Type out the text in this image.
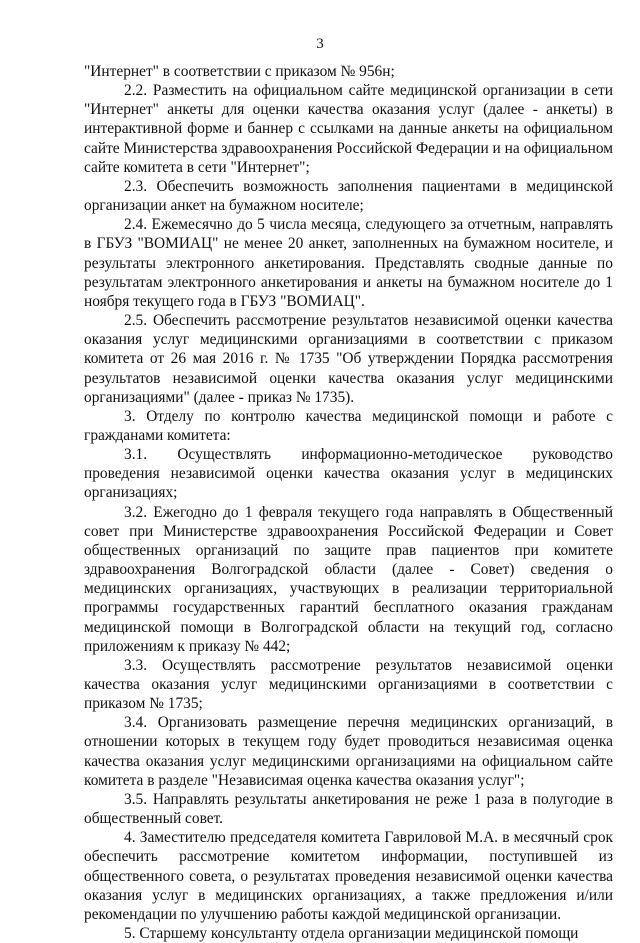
3

"Интернет" в соответствии с приказом № 956н;

2.2. Разместить на официальном сайте медицинской организации в сети "Интернет" анкеты для оценки качества оказания услуг (далее - анкеты) в интерактивной форме и баннер с ссылками на данные анкеты на официальном сайте Министерства здравоохранения Российской Федерации и на официальном сайте комитета в сети "Интернет";

2.3. Обеспечить возможность заполнения пациентами в медицинской организации анкет на бумажном носителе;

2.4. Ежемесячно до 5 числа месяца, следующего за отчетным, направлять в ГБУЗ "ВОМИАЦ" не менее 20 анкет, заполненных на бумажном носителе, и результаты электронного анкетирования. Представлять сводные данные по результатам электронного анкетирования и анкеты на бумажном носителе до 1 ноября текущего года в ГБУЗ "ВОМИАЦ".

2.5. Обеспечить рассмотрение результатов независимой оценки качества оказания услуг медицинскими организациями в соответствии с приказом комитета от 26 мая 2016 г. № 1735 "Об утверждении Порядка рассмотрения результатов независимой оценки качества оказания услуг медицинскими организациями" (далее - приказ № 1735).

3. Отделу по контролю качества медицинской помощи и работе с гражданами комитета:

3.1. Осуществлять информационно-методическое руководство проведения независимой оценки качества оказания услуг в медицинских организациях;

3.2. Ежегодно до 1 февраля текущего года направлять в Общественный совет при Министерстве здравоохранения Российской Федерации и Совет общественных организаций по защите прав пациентов при комитете здравоохранения Волгоградской области (далее - Совет) сведения о медицинских организациях, участвующих в реализации территориальной программы государственных гарантий бесплатного оказания гражданам медицинской помощи в Волгоградской области на текущий год, согласно приложениям к приказу № 442;

3.3. Осуществлять рассмотрение результатов независимой оценки качества оказания услуг медицинскими организациями в соответствии с приказом № 1735;

3.4. Организовать размещение перечня медицинских организаций, в отношении которых в текущем году будет проводиться независимая оценка качества оказания услуг медицинскими организациями на официальном сайте комитета в разделе "Независимая оценка качества оказания услуг";

3.5. Направлять результаты анкетирования не реже 1 раза в полугодие в общественный совет.

4. Заместителю председателя комитета Гавриловой М.А. в месячный срок обеспечить рассмотрение комитетом информации, поступившей из общественного совета, о результатах проведения независимой оценки качества оказания услуг в медицинских организациях, а также предложения и/или рекомендации по улучшению работы каждой медицинской организации.

5. Старшему консультанту отдела организации медицинской помощи
